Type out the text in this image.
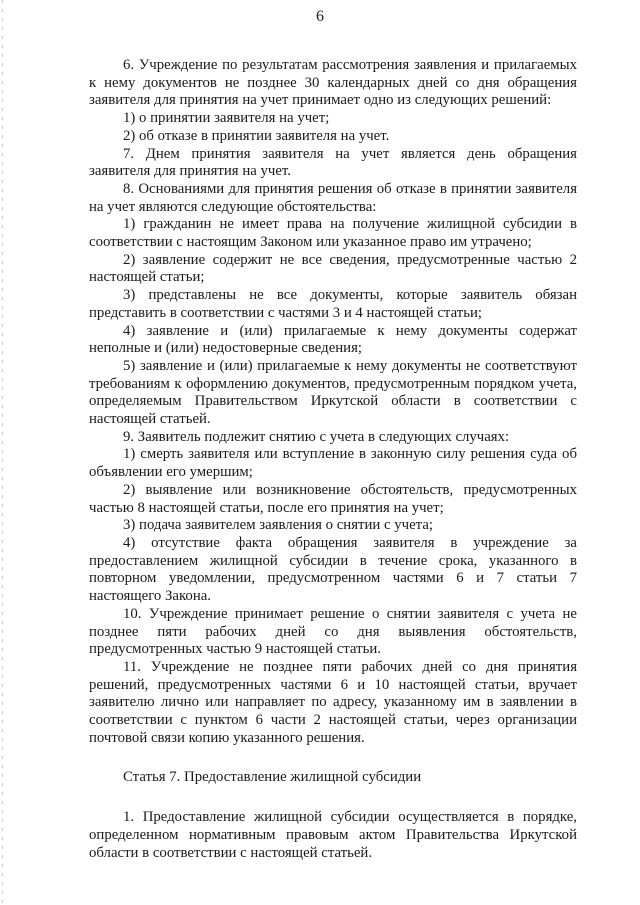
6

6. Учреждение по результатам рассмотрения заявления и прилагаемых к нему документов не позднее 30 календарных дней со дня обращения заявителя для принятия на учет принимает одно из следующих решений:

1) о принятии заявителя на учет;

2) об отказе в принятии заявителя на учет.

7. Днем принятия заявителя на учет является день обращения заявителя для принятия на учет.

8. Основаниями для принятия решения об отказе в принятии заявителя на учет являются следующие обстоятельства:

1) гражданин не имеет права на получение жилищной субсидии в соответствии с настоящим Законом или указанное право им утрачено;

2) заявление содержит не все сведения, предусмотренные частью 2 настоящей статьи;

3) представлены не все документы, которые заявитель обязан представить в соответствии с частями 3 и 4 настоящей статьи;

4) заявление и (или) прилагаемые к нему документы содержат неполные и (или) недостоверные сведения;

5) заявление и (или) прилагаемые к нему документы не соответствуют требованиям к оформлению документов, предусмотренным порядком учета, определяемым Правительством Иркутской области в соответствии с настоящей статьей.

9. Заявитель подлежит снятию с учета в следующих случаях:

1) смерть заявителя или вступление в законную силу решения суда об объявлении его умершим;

2) выявление или возникновение обстоятельств, предусмотренных частью 8 настоящей статьи, после его принятия на учет;

3) подача заявителем заявления о снятии с учета;

4) отсутствие факта обращения заявителя в учреждение за предоставлением жилищной субсидии в течение срока, указанного в повторном уведомлении, предусмотренном частями 6 и 7 статьи 7 настоящего Закона.

10. Учреждение принимает решение о снятии заявителя с учета не позднее пяти рабочих дней со дня выявления обстоятельств, предусмотренных частью 9 настоящей статьи.

11. Учреждение не позднее пяти рабочих дней со дня принятия решений, предусмотренных частями 6 и 10 настоящей статьи, вручает заявителю лично или направляет по адресу, указанному им в заявлении в соответствии с пунктом 6 части 2 настоящей статьи, через организации почтовой связи копию указанного решения.

Статья 7. Предоставление жилищной субсидии

1. Предоставление жилищной субсидии осуществляется в порядке, определенном нормативным правовым актом Правительства Иркутской области в соответствии с настоящей статьей.
